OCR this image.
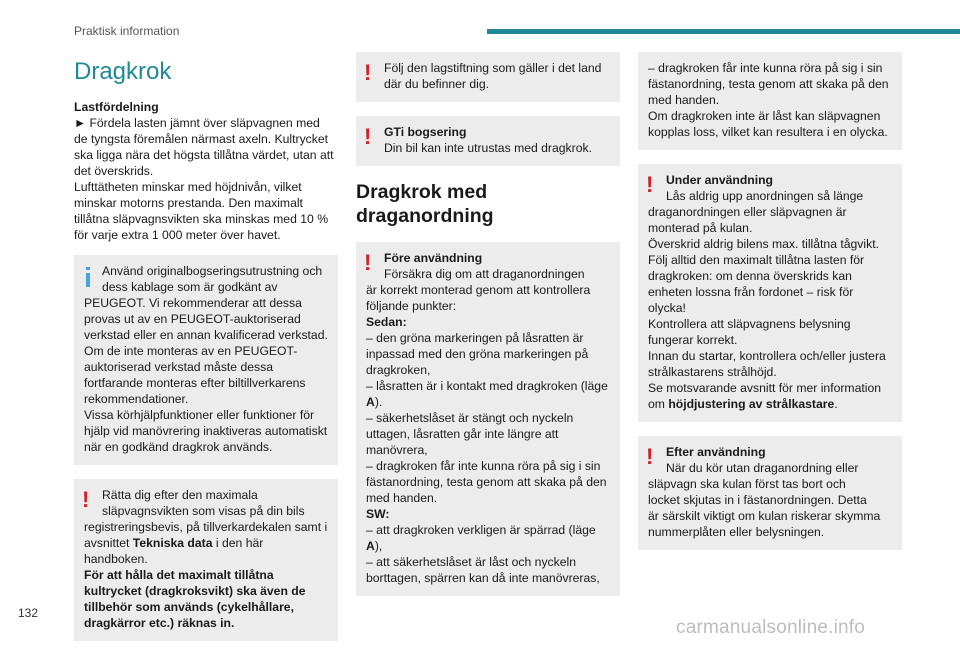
Praktisk information
Dragkrok

Lastfördelning

► Fördela lasten jämnt över släpvagnen med

de tyngsta föremålen närmast axeln. Kultrycket

ska ligga nära det högsta tillåtna värdet, utan att

det överskrids.

Lufttätheten minskar med höjdnivån, vilket

minskar motorns prestanda. Den maximalt

tillåtna släpvagnsvikten ska minskas med 10 %

för varje extra 1 000 meter över havet.

Använd originalbogseringsutrustning och

dess kablage som är godkänt av

PEUGEOT. Vi rekommenderar att dessa

provas ut av en PEUGEOT-auktoriserad

verkstad eller en annan kvalificerad verkstad.

Om de inte monteras av en PEUGEOT-

auktoriserad verkstad måste dessa

fortfarande monteras efter biltillverkarens

rekommendationer.

Vissa körhjälpfunktioner eller funktioner för

hjälp vid manövrering inaktiveras automatiskt

när en godkänd dragkrok används.

!	Rätta dig efter den maximala

släpvagnsvikten som visas på din bils

registreringsbevis, på tillverkardekalen samt i

avsnittet Tekniska data i den här handboken.

För att hålla det maximalt tillåtna

kultrycket (dragkroksvikt) ska även de

tillbehör som används (cykelhållare,

dragkärror etc.) räknas in.

!	Följ den lagstiftning som gäller i det land

där du befinner dig.

!	GTi bogsering

Din bil kan inte utrustas med dragkrok.

Dragkrok med
draganordning
!	Före användning

Försäkra dig om att draganordningen

är korrekt monterad genom att kontrollera

följande punkter:

Sedan:

– den gröna markeringen på låsratten är

inpassad med den gröna markeringen på

dragkroken,

– låsratten är i kontakt med dragkroken (läge

A).

– säkerhetslåset är stängt och nyckeln

uttagen, låsratten går inte längre att

manövrera,

– dragkroken får inte kunna röra på sig i sin

fästanordning, testa genom att skaka på den

med handen.

SW:

– att dragkroken verkligen är spärrad (läge

A),

– att säkerhetslåset är låst och nyckeln

borttagen, spärren kan då inte manövreras,

– dragkroken får inte kunna röra på sig i sin

fästanordning, testa genom att skaka på den

med handen.

Om dragkroken inte är låst kan släpvagnen

kopplas loss, vilket kan resultera i en olycka.

!	Under användning

Lås aldrig upp anordningen så länge

draganordningen eller släpvagnen är

monterad på kulan.

Överskrid aldrig bilens max. tillåtna tågvikt.

Följ alltid den maximalt tillåtna lasten för

dragkroken: om denna överskrids kan

enheten lossna från fordonet – risk för olycka!

Kontrollera att släpvagnens belysning

fungerar korrekt.

Innan du startar, kontrollera och/eller justera

strålkastarens strålhöjd.

Se motsvarande avsnitt för mer information

om höjdjustering av strålkastare.

!	Efter användning

När du kör utan draganordning eller

släpvagn ska kulan först tas bort och

locket skjutas in i fästanordningen. Detta

är särskilt viktigt om kulan riskerar skymma

nummerplåten eller belysningen.

132
carmanualsonline.info
